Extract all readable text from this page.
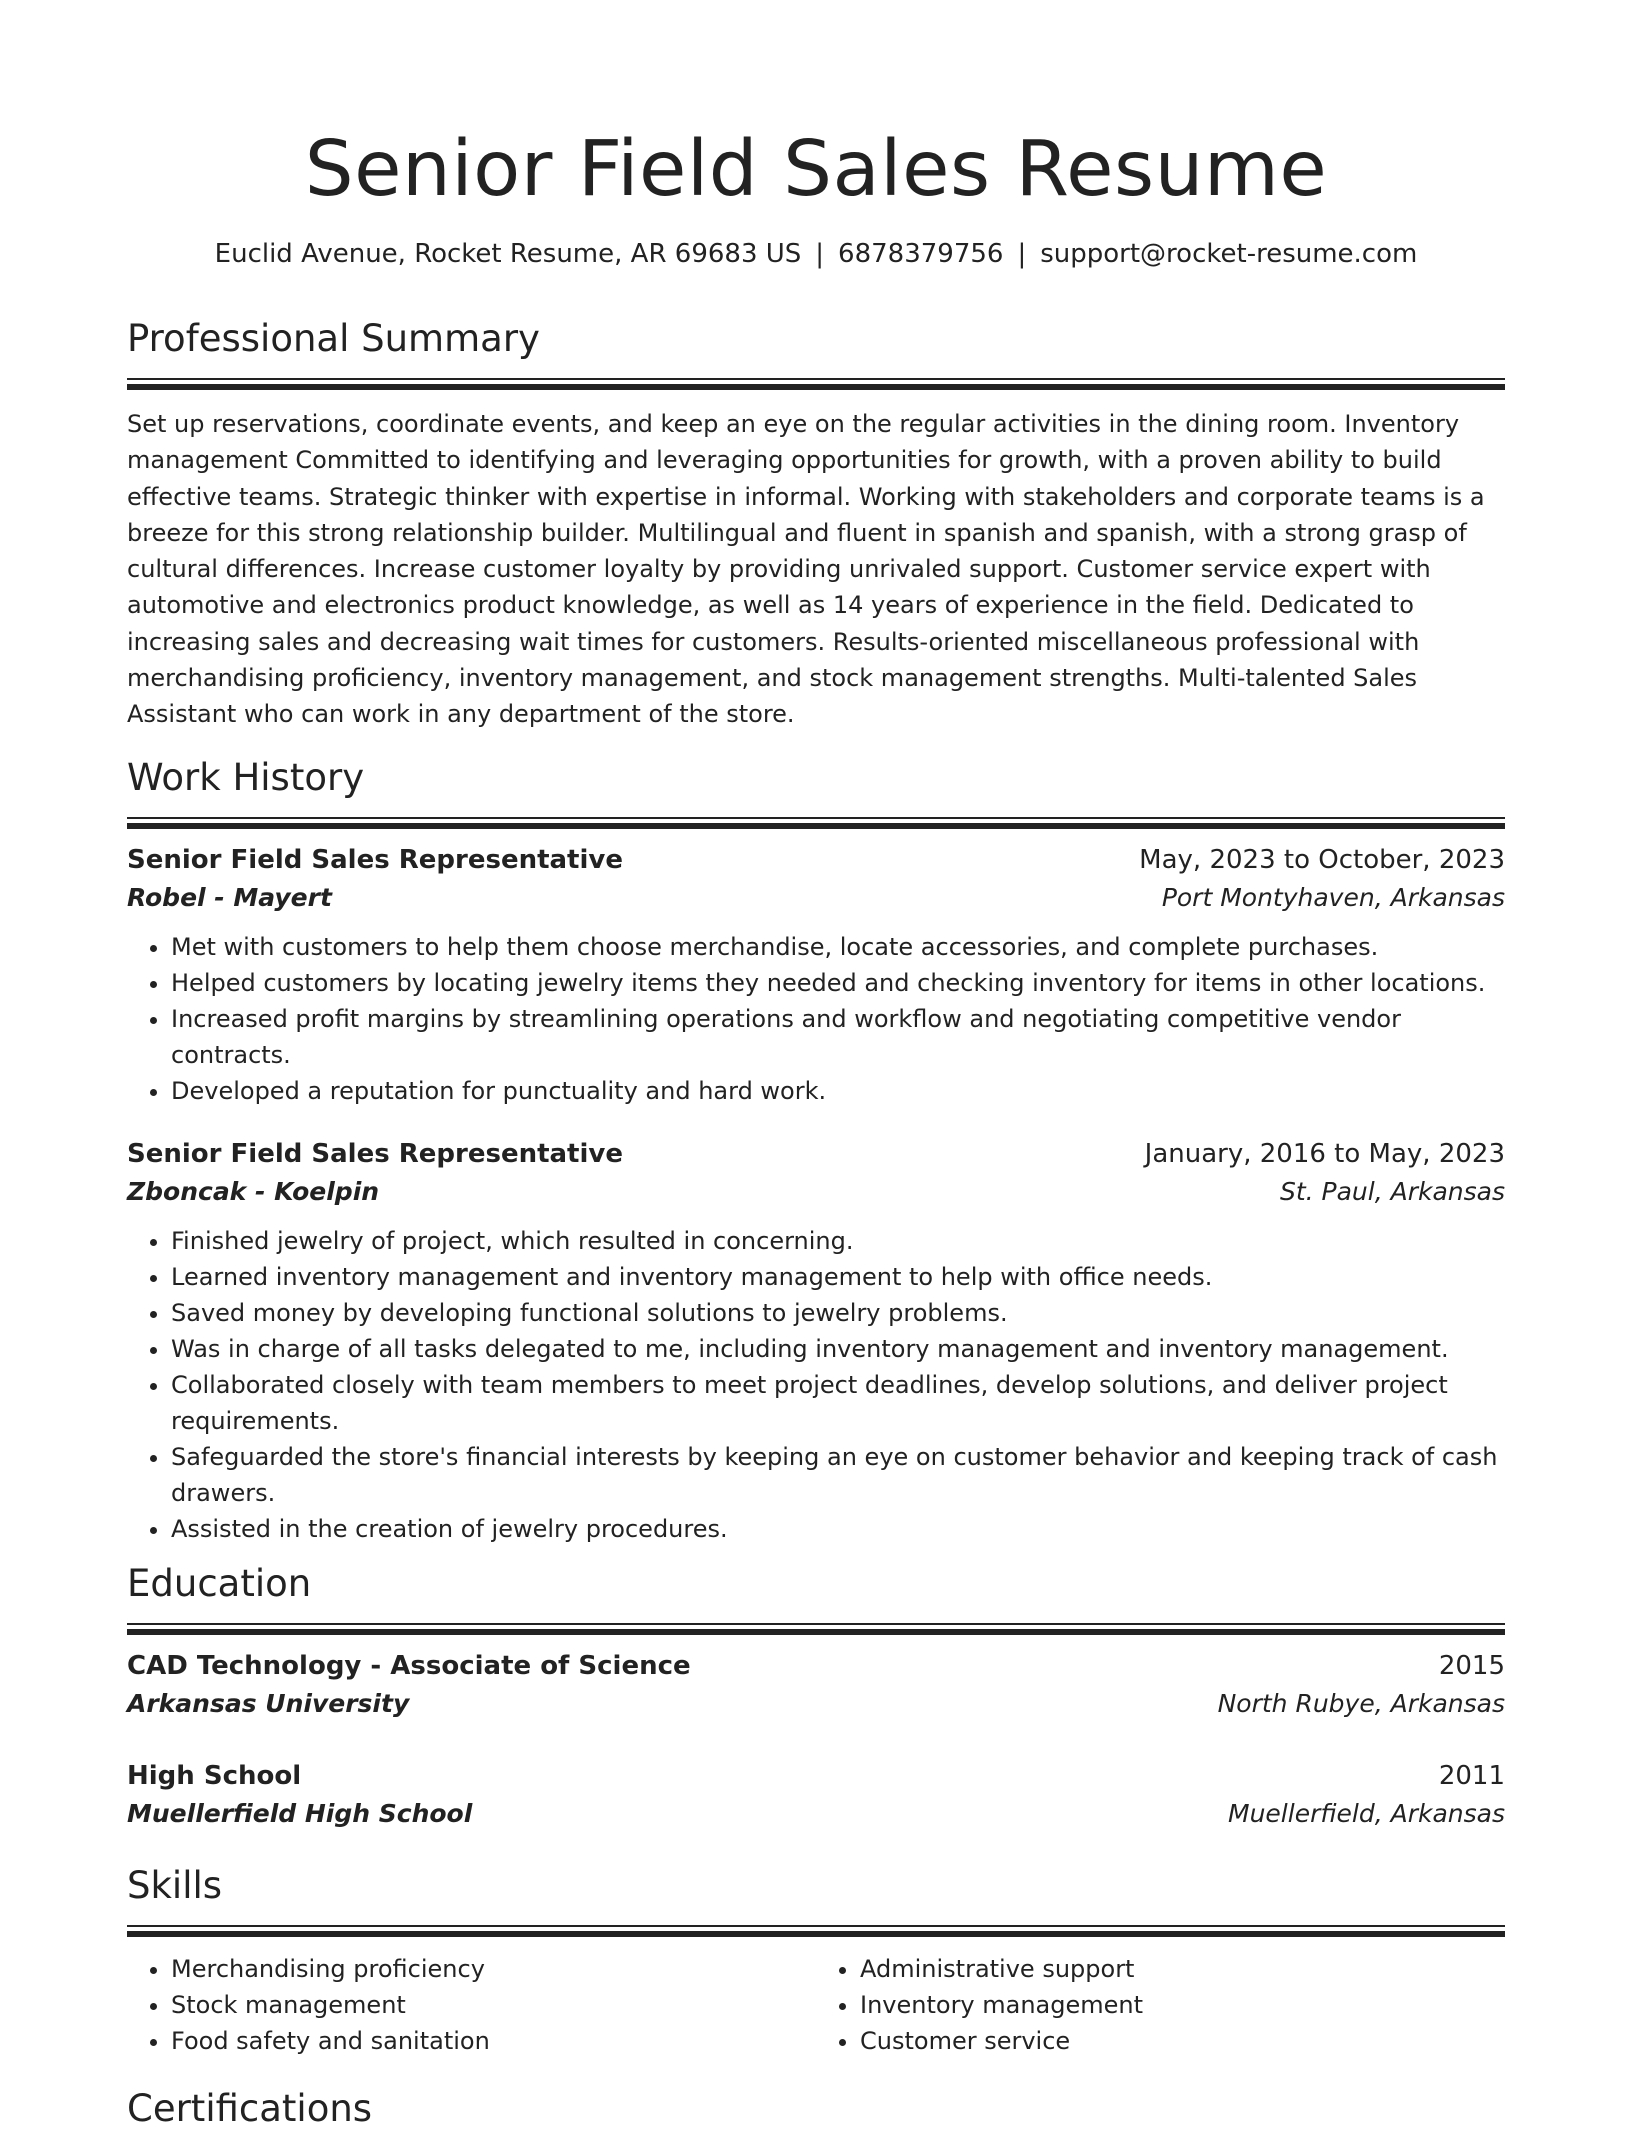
Senior Field Sales Resume
Euclid Avenue, Rocket Resume, AR 69683 US | 6878379756 | support@rocket-resume.com
Professional Summary
Set up reservations, coordinate events, and keep an eye on the regular activities in the dining room. Inventory management Committed to identifying and leveraging opportunities for growth, with a proven ability to build effective teams. Strategic thinker with expertise in informal. Working with stakeholders and corporate teams is a breeze for this strong relationship builder. Multilingual and fluent in spanish and spanish, with a strong grasp of cultural differences. Increase customer loyalty by providing unrivaled support. Customer service expert with automotive and electronics product knowledge, as well as 14 years of experience in the field. Dedicated to increasing sales and decreasing wait times for customers. Results-oriented miscellaneous professional with merchandising proficiency, inventory management, and stock management strengths. Multi-talented Sales Assistant who can work in any department of the store.
Work History
Senior Field Sales Representative	May, 2023 to October, 2023
Robel - Mayert	Port Montyhaven, Arkansas
• Met with customers to help them choose merchandise, locate accessories, and complete purchases.
• Helped customers by locating jewelry items they needed and checking inventory for items in other locations.
• Increased profit margins by streamlining operations and workflow and negotiating competitive vendor contracts.
• Developed a reputation for punctuality and hard work.
Senior Field Sales Representative	January, 2016 to May, 2023
Zboncak - Koelpin	St. Paul, Arkansas
• Finished jewelry of project, which resulted in concerning.
• Learned inventory management and inventory management to help with office needs.
• Saved money by developing functional solutions to jewelry problems.
• Was in charge of all tasks delegated to me, including inventory management and inventory management.
• Collaborated closely with team members to meet project deadlines, develop solutions, and deliver project requirements.
• Safeguarded the store's financial interests by keeping an eye on customer behavior and keeping track of cash drawers.
• Assisted in the creation of jewelry procedures.
Education
CAD Technology - Associate of Science	2015
Arkansas University	North Rubye, Arkansas
High School	2011
Muellerfield High School	Muellerfield, Arkansas
Skills
• Merchandising proficiency
• Stock management
• Food safety and sanitation
• Administrative support
• Inventory management
• Customer service
Certifications
